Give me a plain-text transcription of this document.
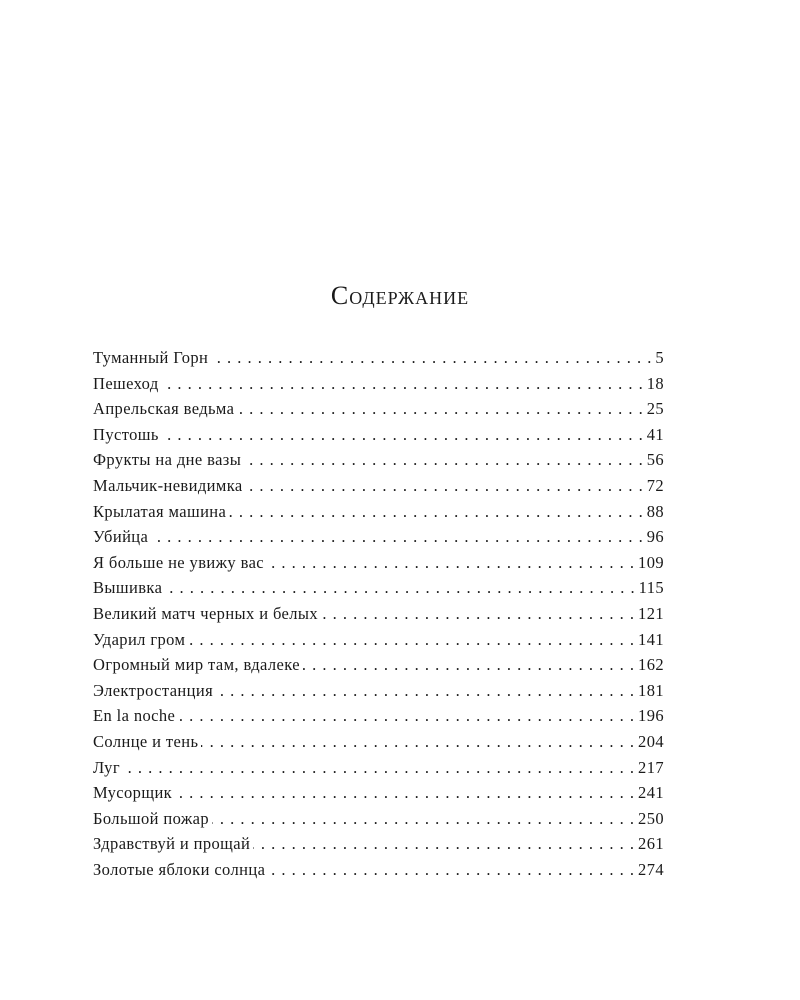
Содержание
Туманный Горн . . .	5
Пешеход . . .	18
Апрельская ведьма . . .	25
Пустошь . . .	41
Фрукты на дне вазы . . .	56
Мальчик-невидимка . . .	72
Крылатая машина . . .	88
Убийца . . .	96
Я больше не увижу вас . . .	109
Вышивка . . .	115
Великий матч черных и белых . . .	121
Ударил гром . . .	141
Огромный мир там, вдалеке . . .	162
Электростанция . . .	181
En la noche . . .	196
Солнце и тень . . .	204
Луг . . .	217
Мусорщик . . .	241
Большой пожар . . .	250
Здравствуй и прощай . . .	261
Золотые яблоки солнца . . .	274
